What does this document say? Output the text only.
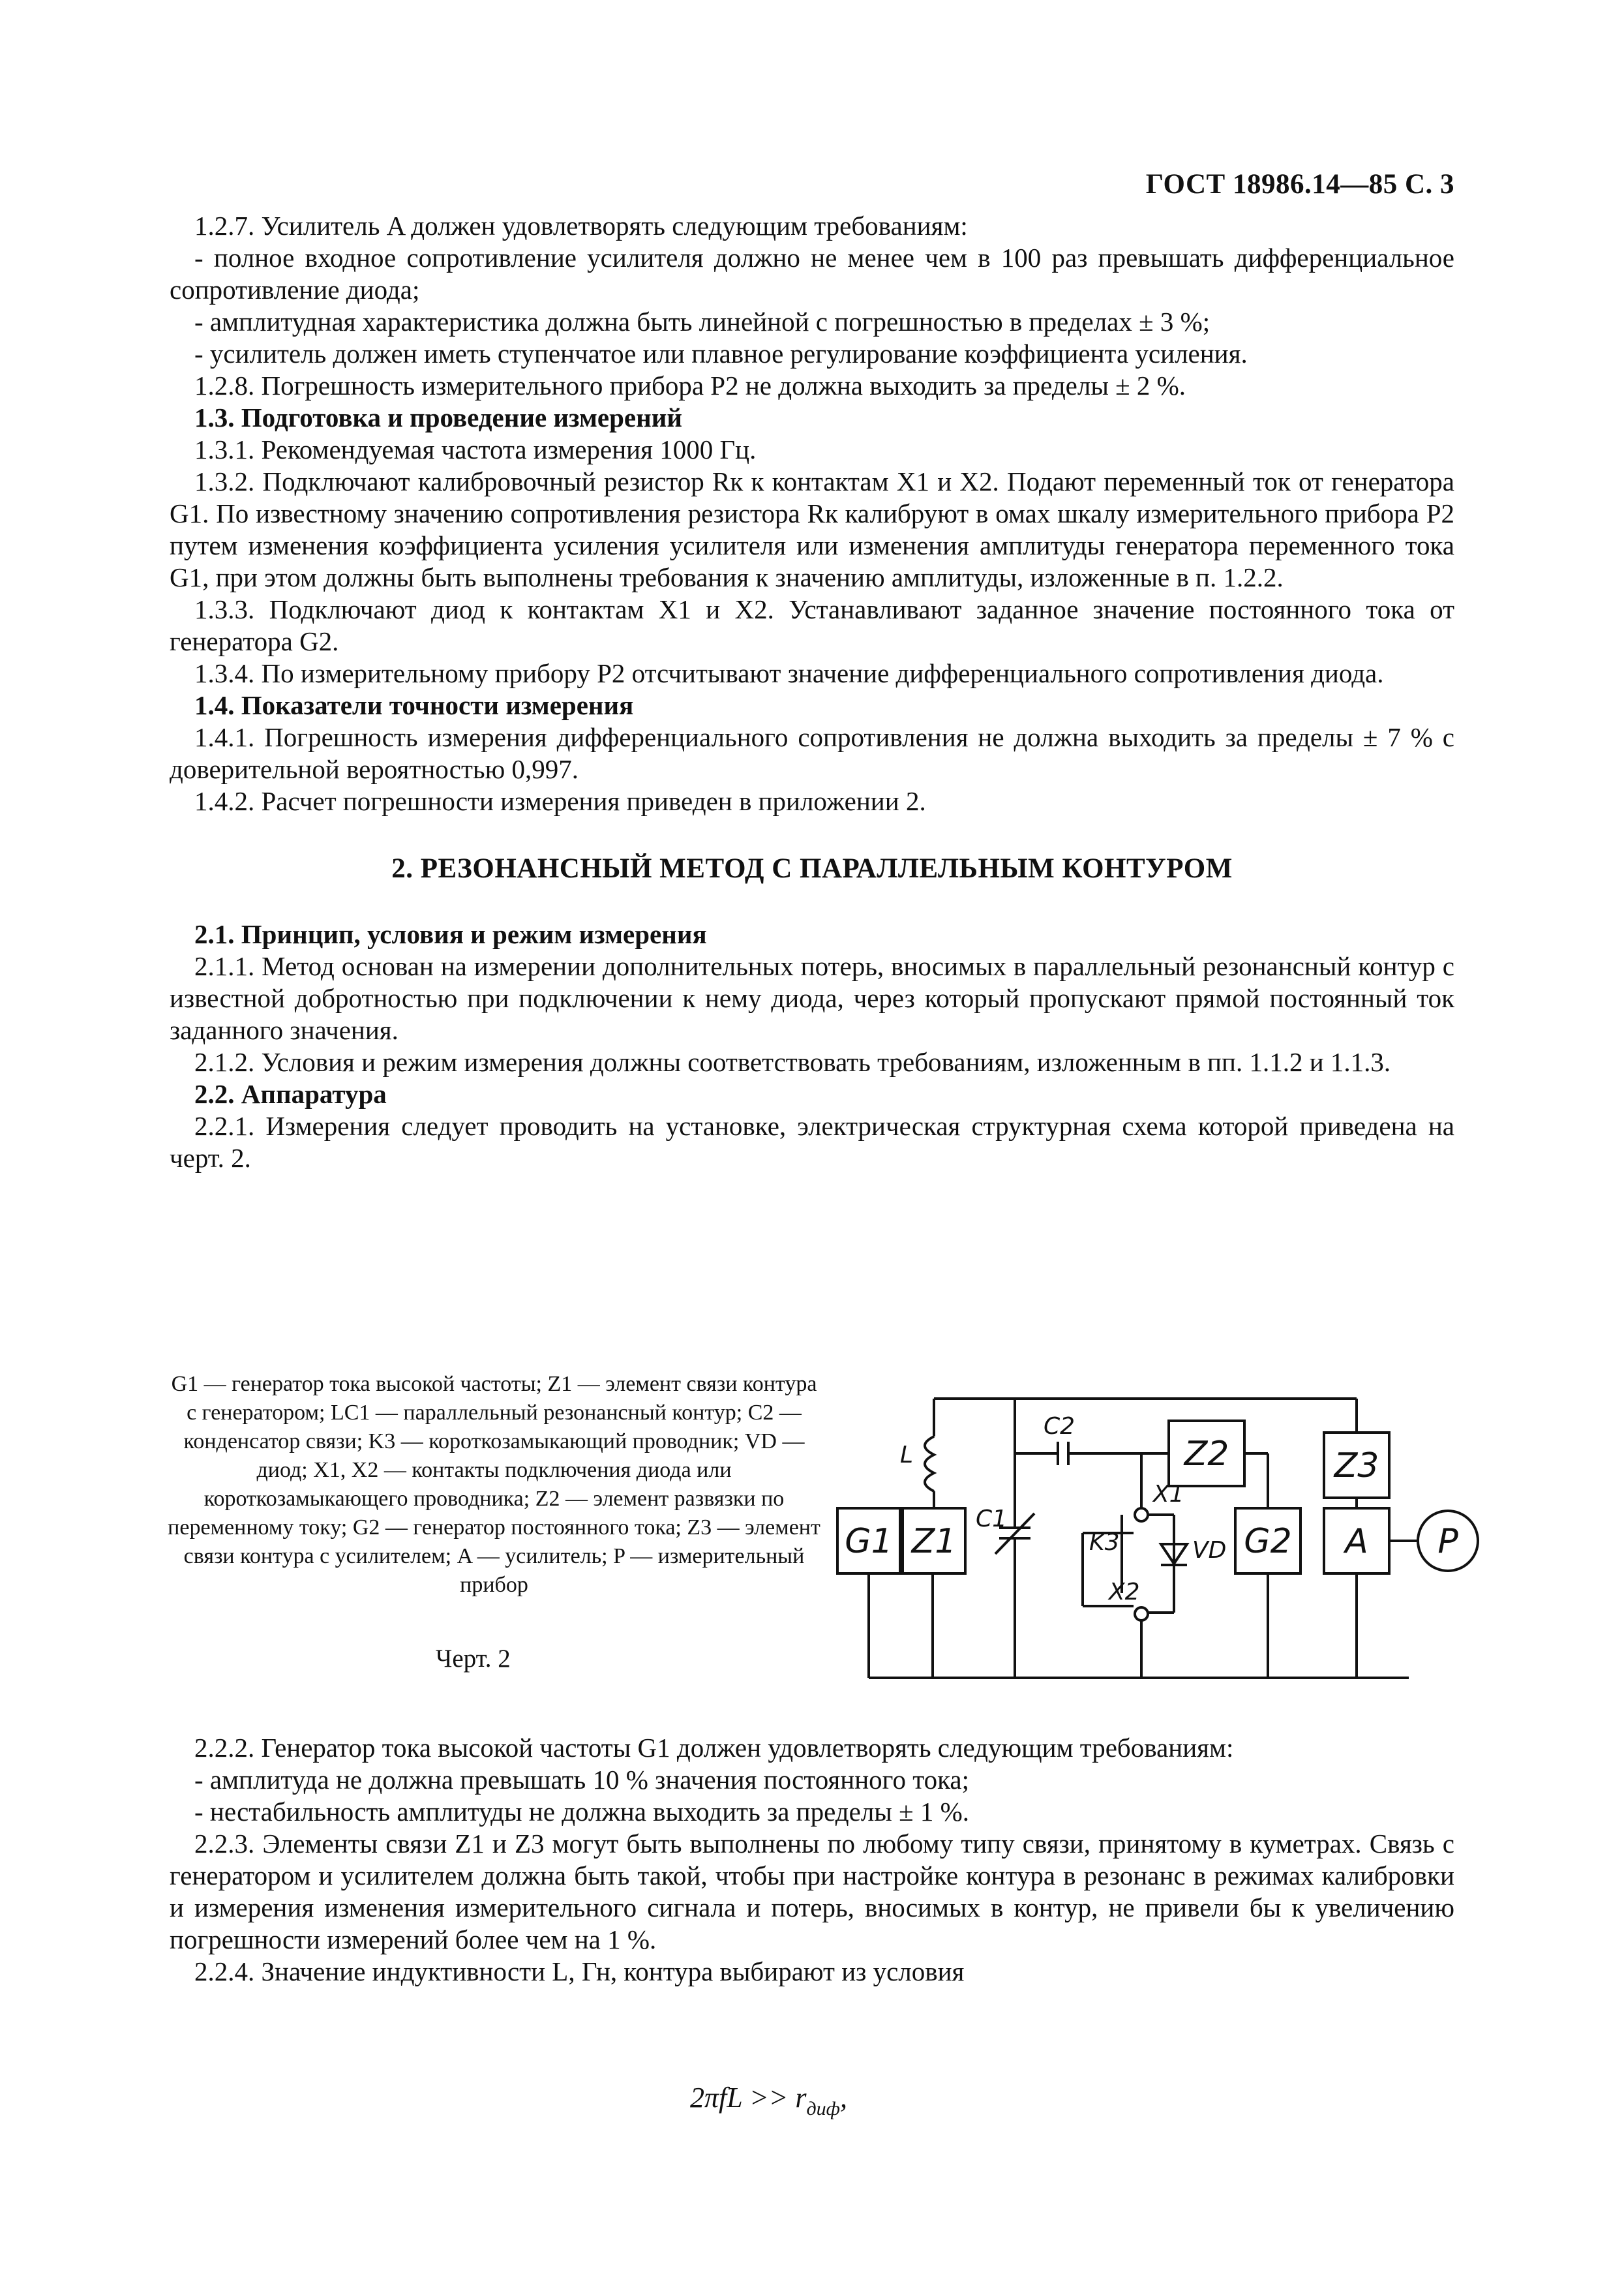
ГОСТ 18986.14—85 С. 3

1.2.7. Усилитель A должен удовлетворять следующим требованиям:

- полное входное сопротивление усилителя должно не менее чем в 100 раз превышать дифференциальное сопротивление диода;

- амплитудная характеристика должна быть линейной с погрешностью в пределах ± 3 %;

- усилитель должен иметь ступенчатое или плавное регулирование коэффициента усиления.

1.2.8. Погрешность измерительного прибора P2 не должна выходить за пределы ± 2 %.

1.3. Подготовка и проведение измерений

1.3.1. Рекомендуемая частота измерения 1000 Гц.

1.3.2. Подключают калибровочный резистор Rк к контактам X1 и X2. Подают переменный ток от генератора G1. По известному значению сопротивления резистора Rк калибруют в омах шкалу измерительного прибора P2 путем изменения коэффициента усиления усилителя или изменения амплитуды генератора переменного тока G1, при этом должны быть выполнены требования к значению амплитуды, изложенные в п. 1.2.2.

1.3.3. Подключают диод к контактам X1 и X2. Устанавливают заданное значение постоянного тока от генератора G2.

1.3.4. По измерительному прибору P2 отсчитывают значение дифференциального сопротивления диода.

1.4. Показатели точности измерения

1.4.1. Погрешность измерения дифференциального сопротивления не должна выходить за пределы ± 7 % с доверительной вероятностью 0,997.

1.4.2. Расчет погрешности измерения приведен в приложении 2.

2. РЕЗОНАНСНЫЙ МЕТОД С ПАРАЛЛЕЛЬНЫМ КОНТУРОМ

2.1. Принцип, условия и режим измерения

2.1.1. Метод основан на измерении дополнительных потерь, вносимых в параллельный резонансный контур с известной добротностью при подключении к нему диода, через который пропускают прямой постоянный ток заданного значения.

2.1.2. Условия и режим измерения должны соответствовать требованиям, изложенным в пп. 1.1.2 и 1.1.3.

2.2. Аппаратура

2.2.1. Измерения следует проводить на установке, электрическая структурная схема которой приведена на черт. 2.

G1 — генератор тока высокой частоты; Z1 — элемент связи контура с генератором; LC1 — параллельный резонансный контур; C2 — конденсатор связи; K3 — короткозамыкающий проводник; VD — диод; X1, X2 — контакты подключения диода или короткозамыкающего проводника; Z2 — элемент развязки по переменному току; G2 — генератор постоянного тока; Z3 — элемент связи контура с усилителем; A — усилитель; P — измерительный прибор
Черт. 2
G1 Z1
Z2
G2
Z3
A P
L
C1
C2
K3
X1
X2
VD

2.2.2. Генератор тока высокой частоты G1 должен удовлетворять следующим требованиям:

- амплитуда не должна превышать 10 % значения постоянного тока;

- нестабильность амплитуды не должна выходить за пределы ± 1 %.

2.2.3. Элементы связи Z1 и Z3 могут быть выполнены по любому типу связи, принятому в куметрах. Связь с генератором и усилителем должна быть такой, чтобы при настройке контура в резонанс в режимах калибровки и измерения изменения измерительного сигнала и потерь, вносимых в контур, не привели бы к увеличению погрешности измерений более чем на 1 %.

2.2.4. Значение индуктивности L, Гн, контура выбирают из условия

$2\pi fL >> r_{диф}$,
